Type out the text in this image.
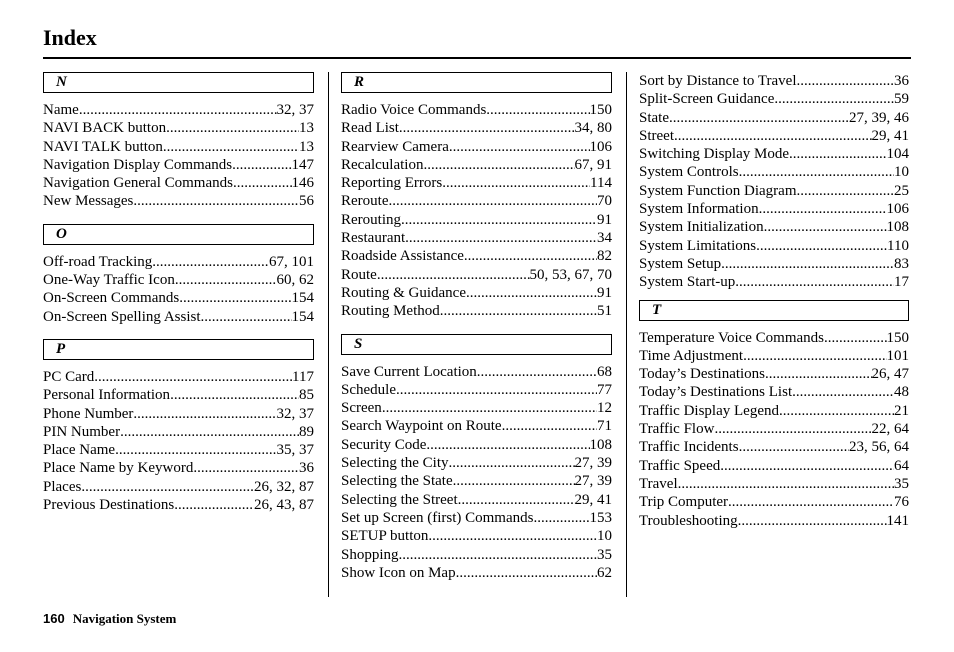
Index
N
Name .....	32, 37
NAVI BACK button .....	13
NAVI TALK button .....	13
Navigation Display Commands .....	147
Navigation General Commands .....	146
New Messages .....	56
O
Off-road Tracking .....	67, 101
One-Way Traffic Icon .....	60, 62
On-Screen Commands .....	154
On-Screen Spelling Assist .....	154
P
PC Card .....	117
Personal Information .....	85
Phone Number .....	32, 37
PIN Number .....	89
Place Name .....	35, 37
Place Name by Keyword .....	36
Places .....	26, 32, 87
Previous Destinations .....	26, 43, 87
R
Radio Voice Commands .....	150
Read List .....	34, 80
Rearview Camera .....	106
Recalculation .....	67, 91
Reporting Errors .....	114
Reroute .....	70
Rerouting .....	91
Restaurant .....	34
Roadside Assistance .....	82
Route .....	50, 53, 67, 70
Routing & Guidance .....	91
Routing Method .....	51
S
Save Current Location .....	68
Schedule .....	77
Screen .....	12
Search Waypoint on Route .....	71
Security Code .....	108
Selecting the City .....	27, 39
Selecting the State .....	27, 39
Selecting the Street .....	29, 41
Set up Screen (first) Commands .....	153
SETUP button .....	10
Shopping .....	35
Show Icon on Map .....	62
Sort by Distance to Travel .....	36
Split-Screen Guidance .....	59
State .....	27, 39, 46
Street .....	29, 41
Switching Display Mode .....	104
System Controls .....	10
System Function Diagram .....	25
System Information .....	106
System Initialization .....	108
System Limitations .....	110
System Setup .....	83
System Start-up .....	17
T
Temperature Voice Commands .....	150
Time Adjustment .....	101
Today’s Destinations .....	26, 47
Today’s Destinations List .....	48
Traffic Display Legend .....	21
Traffic Flow .....	22, 64
Traffic Incidents .....	23, 56, 64
Traffic Speed .....	64
Travel .....	35
Trip Computer .....	76
Troubleshooting .....	141
160 Navigation System
